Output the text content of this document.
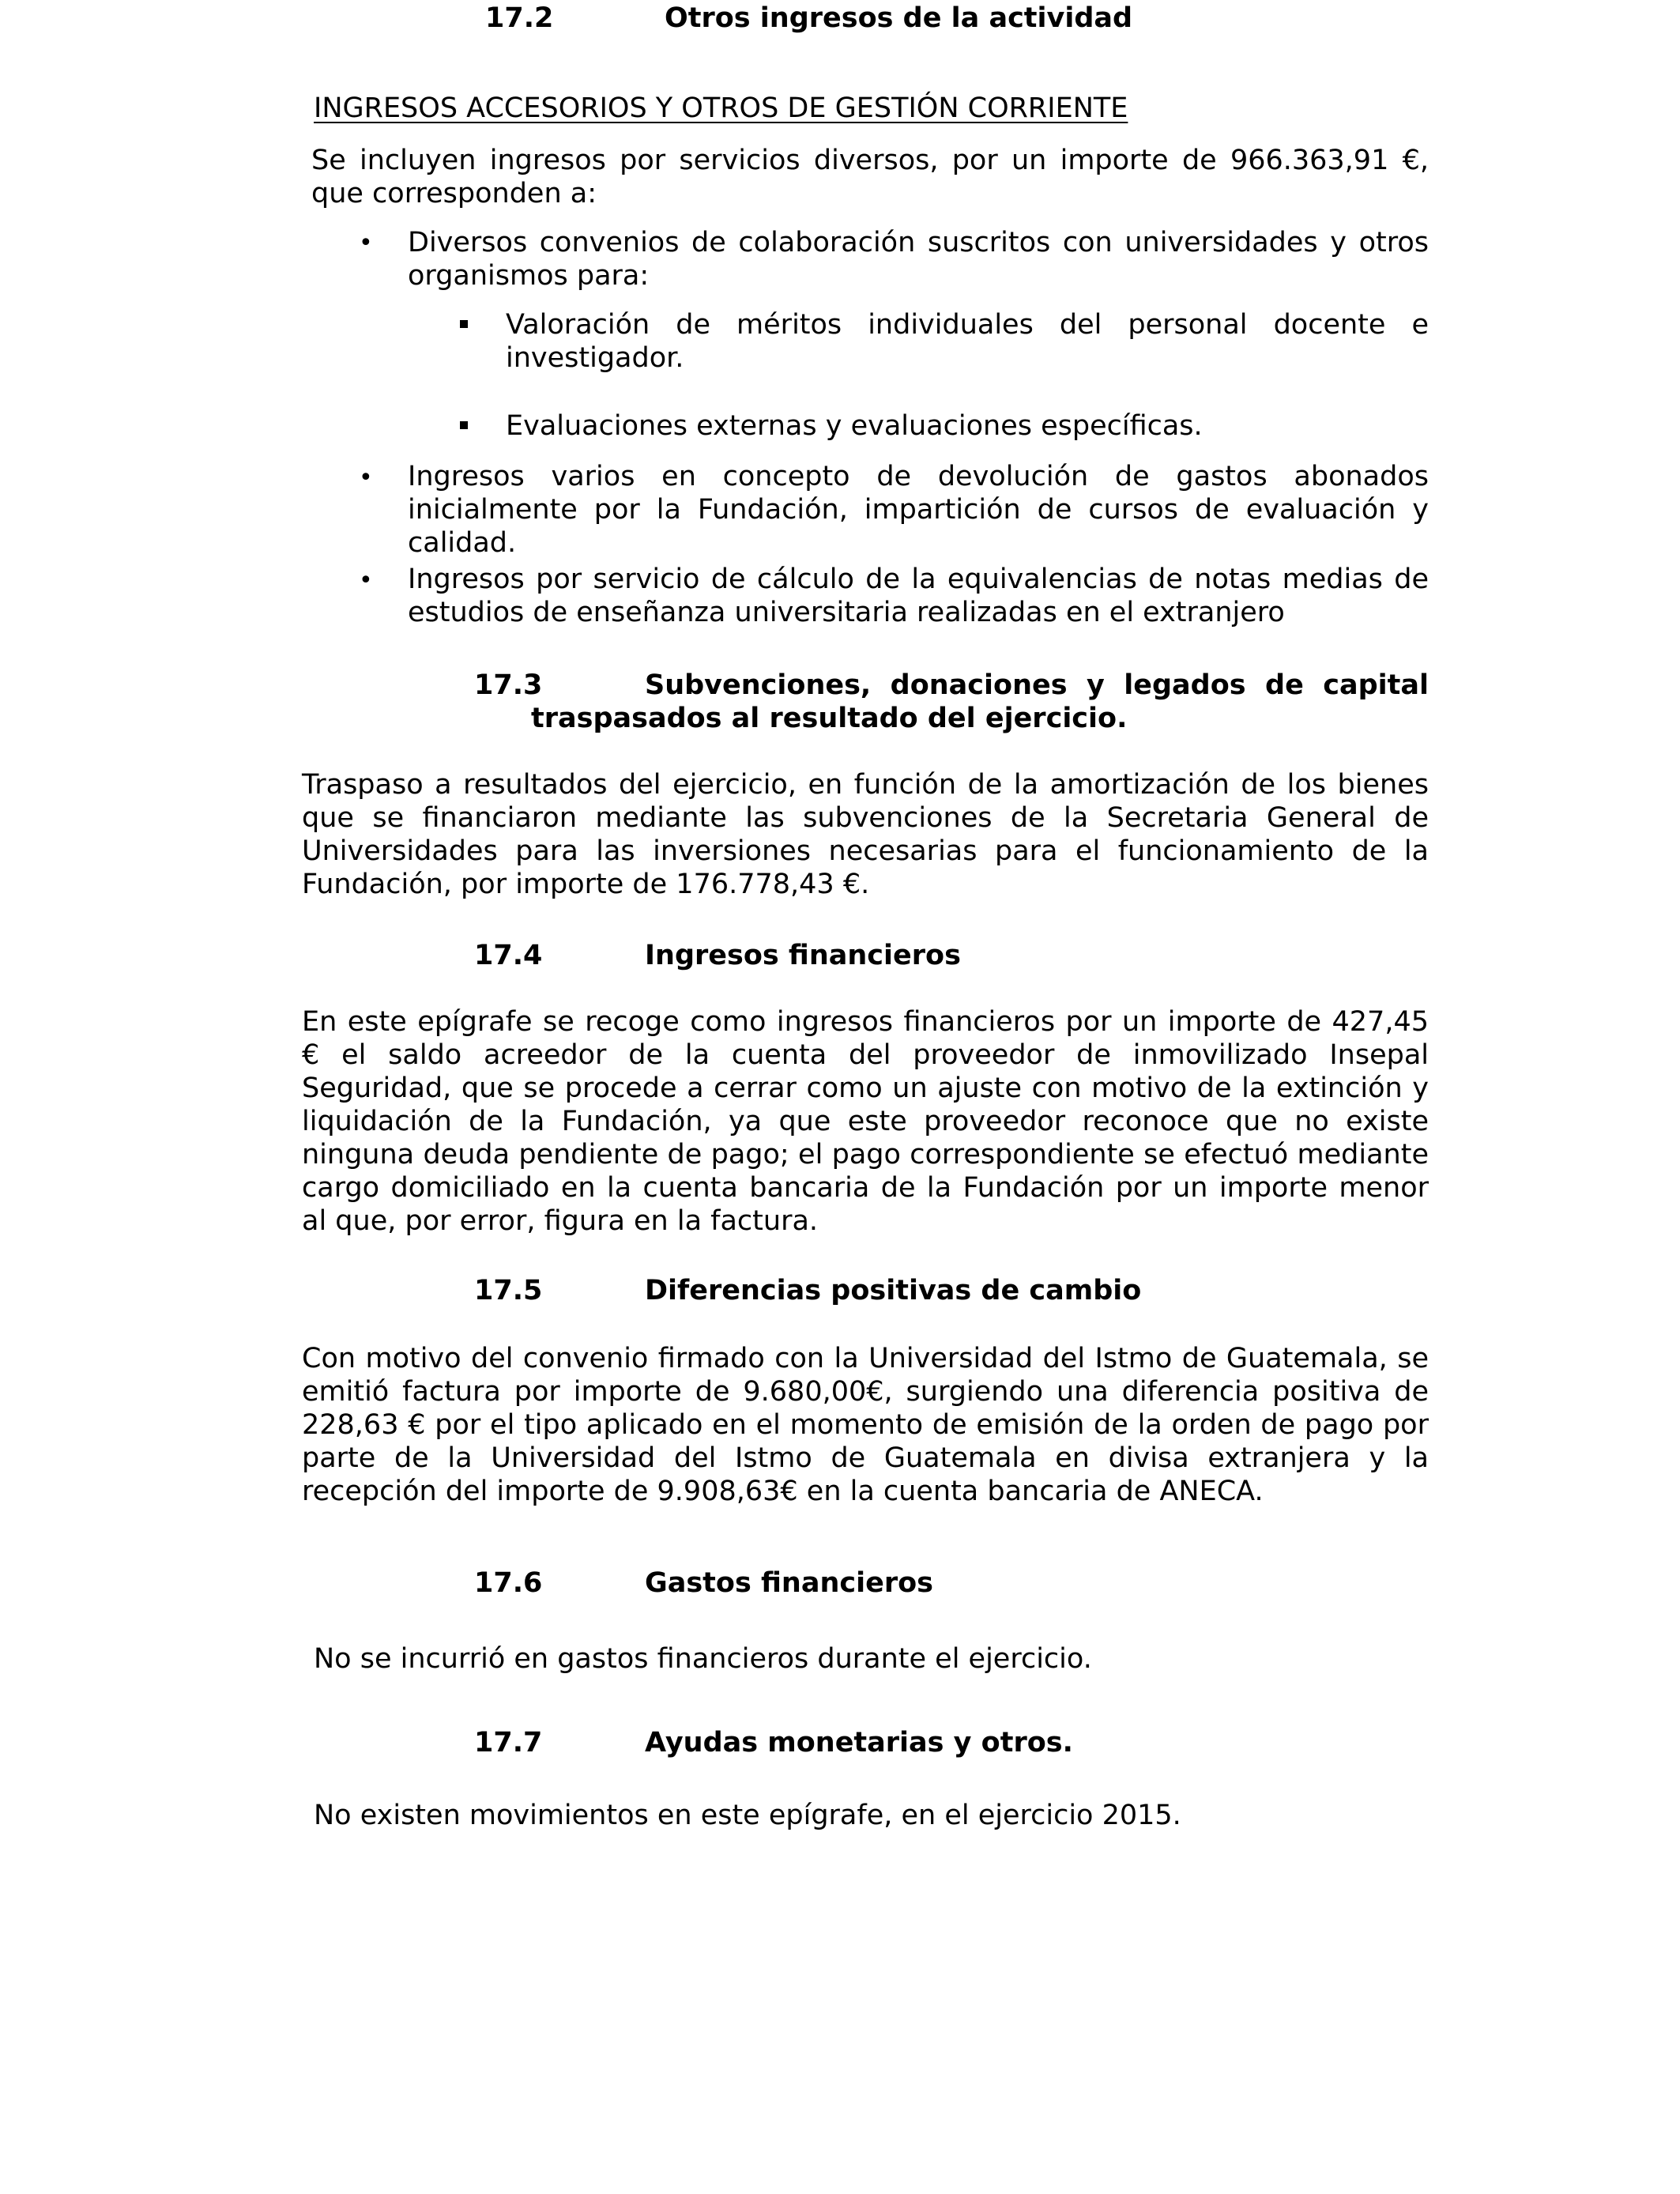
17.2	Otros ingresos de la actividad
INGRESOS ACCESORIOS Y OTROS DE GESTIÓN CORRIENTE
Se incluyen ingresos por servicios diversos, por un importe de 966.363,91 €, que corresponden a:
• Diversos convenios de colaboración suscritos con universidades y otros organismos para:
Valoración de méritos individuales del personal docente e investigador.
Evaluaciones externas y evaluaciones específicas.
• Ingresos varios en concepto de devolución de gastos abonados inicialmente por la Fundación, impartición de cursos de evaluación y calidad.
• Ingresos por servicio de cálculo de la equivalencias de notas medias de estudios de enseñanza universitaria realizadas en el extranjero
17.3	Subvenciones, donaciones y legados de capital
traspasados al resultado del ejercicio.
Traspaso a resultados del ejercicio, en función de la amortización de los bienes que se financiaron mediante las subvenciones de la Secretaria General de Universidades para las inversiones necesarias para el funcionamiento de la Fundación, por importe de 176.778,43 €.
17.4	Ingresos financieros
En este epígrafe se recoge como ingresos financieros por un importe de 427,45 € el saldo acreedor de la cuenta del proveedor de inmovilizado Insepal Seguridad, que se procede a cerrar como un ajuste con motivo de la extinción y liquidación de la Fundación, ya que este proveedor reconoce que no existe ninguna deuda pendiente de pago; el pago correspondiente se efectuó mediante cargo domiciliado en la cuenta bancaria de la Fundación por un importe menor al que, por error, figura en la factura.
17.5	Diferencias positivas de cambio
Con motivo del convenio firmado con la Universidad del Istmo de Guatemala, se emitió factura por importe de 9.680,00€, surgiendo una diferencia positiva de 228,63 € por el tipo aplicado en el momento de emisión de la orden de pago por parte de la Universidad del Istmo de Guatemala en divisa extranjera y la recepción del importe de 9.908,63€ en la cuenta bancaria de ANECA.
17.6	Gastos financieros
No se incurrió en gastos financieros durante el ejercicio.
17.7	Ayudas monetarias y otros.
No existen movimientos en este epígrafe, en el ejercicio 2015.
